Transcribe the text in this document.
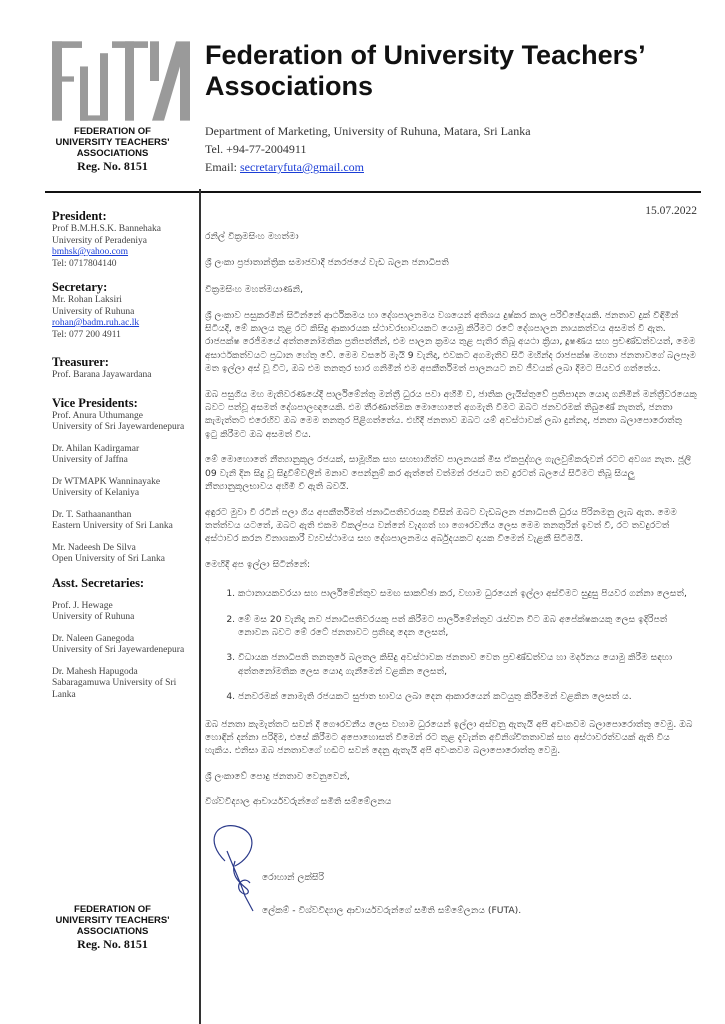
FEDERATION OF
UNIVERSITY TEACHERS'
ASSOCIATIONS
Reg. No. 8151
Federation of University Teachers’ Associations
Department of Marketing, University of Ruhuna, Matara, Sri Lanka
Tel. +94-77-2004911
Email: secretaryfuta@gmail.com
President:
Prof B.M.H.S.K. Bannehaka
University of Peradeniya
bmhsk@yahoo.com
Tel: 0717804140
Secretary:
Mr. Rohan Laksiri
University of Ruhuna
rohan@badm.ruh.ac.lk
Tel: 077 200 4911
Treasurer:
Prof. Barana Jayawardana
Vice Presidents:
Prof. Anura Uthumange
University of Sri Jayewardenepura
Dr. Ahilan Kadirgamar
University of Jaffna
Dr WTMAPK Wanninayake
University of Kelaniya
Dr. T. Sathaananthan
Eastern University of Sri Lanka
Mr. Nadeesh De Silva
Open University of Sri Lanka
Asst. Secretaries:
Prof. J. Hewage
University of Ruhuna
Dr. Naleen Ganegoda
University of Sri Jayewardenepura
Dr. Mahesh Hapugoda
Sabaragamuwa University of Sri Lanka
FEDERATION OF
UNIVERSITY TEACHERS'
ASSOCIATIONS
Reg. No. 8151

15.07.2022

රනිල් වික්‍රමසිංහ මහත්මා

ශ්‍රී ලංකා ප්‍රජාතාන්ත්‍රික සමාජවාදී ජනරජයේ වැඩ බලන ජනාධිපති

වික්‍රමසිංහ මහත්මයාණනි,

ශ්‍රී ලංකාව පසුකරමින් සිටින්නේ ආර්ථිකමය හා දේශපාලනමය වශයෙන් අතිශය දුෂ්කර කාල පරිච්ඡේදයකි. ජනතාව දුක් විඳිමින් සිටියදී, මේ කාලය තුළ රට කිසිදු ආකාරයක ස්ථාවරභාවයකට යොමු කිරීමට රටේ දේශපාලන නායකත්වය අසමත් වී ඇත. රාජපක්ෂ රෙජිමයේ අත්තනෝමතික ප්‍රතිපත්තීන්, එම පාලන ක්‍රමය තුළ පැතිර තිබූ අයථා ක්‍රියා, දූෂණය සහ ප්‍රචණ්ඩත්වයත්, මෙම අසාර්ථකත්වයට ප්‍රධාන හේතු වේ. මෙම වසරේ මැයි 9 වැනිදා, එවකට අගමැතිව සිටි මහින්ද රාජපක්ෂ මහතා ජනතාවගේ බලපෑම මත ඉල්ලා අස් වූ විට, ඔබ එම තනතුර භාර ගනිමින් එම අපකීර්තිමත් පාලනයට නව ජීවයක් ලබා දීමට පියවර ගත්තේය.

ඔබ පසුගිය මහ මැතිවරණයේදී පාර්ලිමේන්තු මන්ත්‍රී ධුරය පවා අහිමි ව, ජාතික ලැයිස්තුවේ ප්‍රතිපාදන යොදා ගනිමින් මන්ත්‍රීවරයෙකු බවට පත්වූ අසමත් දේශපාලඥයෙකි. එම තීරණාත්මක මොහොතේ අගමැති වීමට ඔබට ජනවරමක් තිබුණේ නැතත්, ජනතා කැමැත්තට එරෙහිව ඔබ මෙම තනතුර පිළිගත්තේය. එහිදී ජනතාව ඔබට යම් අවස්ථාවක් ලබා දුන්නද, ජනතා බලාපොරොත්තු ඉටු කිරීමට ඔබ අසමත් විය.

මේ මොහොතේ නීත්‍යානුකූල රජයක්, සාමූහික සහ සහභාගිත්ව පාලනයක් මිස ඒකපුද්ගල ගැලවුම්කරුවන් රටට අවශ්‍ය නැත. ජූලි 09 වැනි දින සිදු වූ සිදුවීම්වලින් මනාව පෙන්නුම් කර ඇත්තේ වත්මන් රජයට තව දුරටත් බලයේ සිටීමට තිබූ සියලු නීත්‍යානුකූලභාවය අහිමි වී ඇති බවයි.

අඳුරට මුවා වී රටින් පලා ගිය අපකීර්තිමත් ජනාධිපතිවරයකු විසින් ඔබට වැඩබලන ජනාධිපති ධුරය පිරිනමනු ලැබ ඇත. මෙම තත්ත්වය යටතේ, ඔබට ඇති එකම විකල්පය වන්නේ වැදගත් හා ගෞරවනීය ලෙස මෙම තනතුරින් ඉවත් වී, රට තවදුරටත් අස්ථාවර කරන විනාශකාරී ව්‍යවස්ථාමය සහ දේශපාලනමය අර්බුදයකට දායක වීමෙන් වැළකී සිටීමයි.

මෙහිදී අප ඉල්ලා සිටින්නේ:

1. කථානායකවරයා සහ පාර්ලිමේන්තුව සමඟ සාකච්ඡා කර, වහාම ධුරයෙන් ඉල්ලා අස්වීමට සුදුසු පියවර ගන්නා ලෙසත්,
2. මේ මස 20 වැනිදා නව ජනාධිපතිවරයකු පත් කිරීමට පාර්ලිමේන්තුව රැස්වන විට ඔබ අපේක්ෂකයකු ලෙස ඉදිරිපත් නොවන බවට මේ රටේ ජනතාවට ප්‍රතිඥා දෙන ලෙසත්,
3. විධායක ජනාධිපති තනතුරේ බලතල කිසිදු අවස්ථාවක ජනතාව වෙත ප්‍රචණ්ඩත්වය හා මර්දනය යොමු කිරීම සඳහා අත්තනෝමතික ලෙස යොදා ගැනීමෙන් වළකින ලෙසත්,
4. ජනවරමක් නොමැති රජයකට සුජාත භාවය ලබා දෙන ආකාරයෙන් කටයුතු කිරීමෙන් වළකින ලෙසත් ය.

ඔබ ජනතා කැමැත්තට සවන් දී ගෞරවනීය ලෙස වහාම ධුරයෙන් ඉල්ලා අස්වනු ඇතැයි අපි අවංකවම බලාපොරොත්තු වෙමු. ඔබ හොඳින් දන්නා පරිදිම, එසේ කිරීමට අපොහොසත් වීමෙන් රට තුළ දැවැන්ත අවිනිශ්චිතතාවක් සහ අස්ථාවරත්වයක් ඇති විය හැකිය. එනිසා ඔබ ජනතාවගේ හඬට සවන් දෙනු ඇතැයි අපි අවංකවම බලාපොරොත්තු වෙමු.

ශ්‍රී ලංකාවේ පොදු ජනතාව වෙනුවෙන්,

විශ්වවිද්‍යාල ආචාර්යවරුන්ගේ සමිති සම්මේලනය

රොහාන් ලක්සිරි
ලේකම් - විශ්වවිද්‍යාල ආචාර්යවරුන්ගේ සමිති සම්මේලනය (FUTA).
